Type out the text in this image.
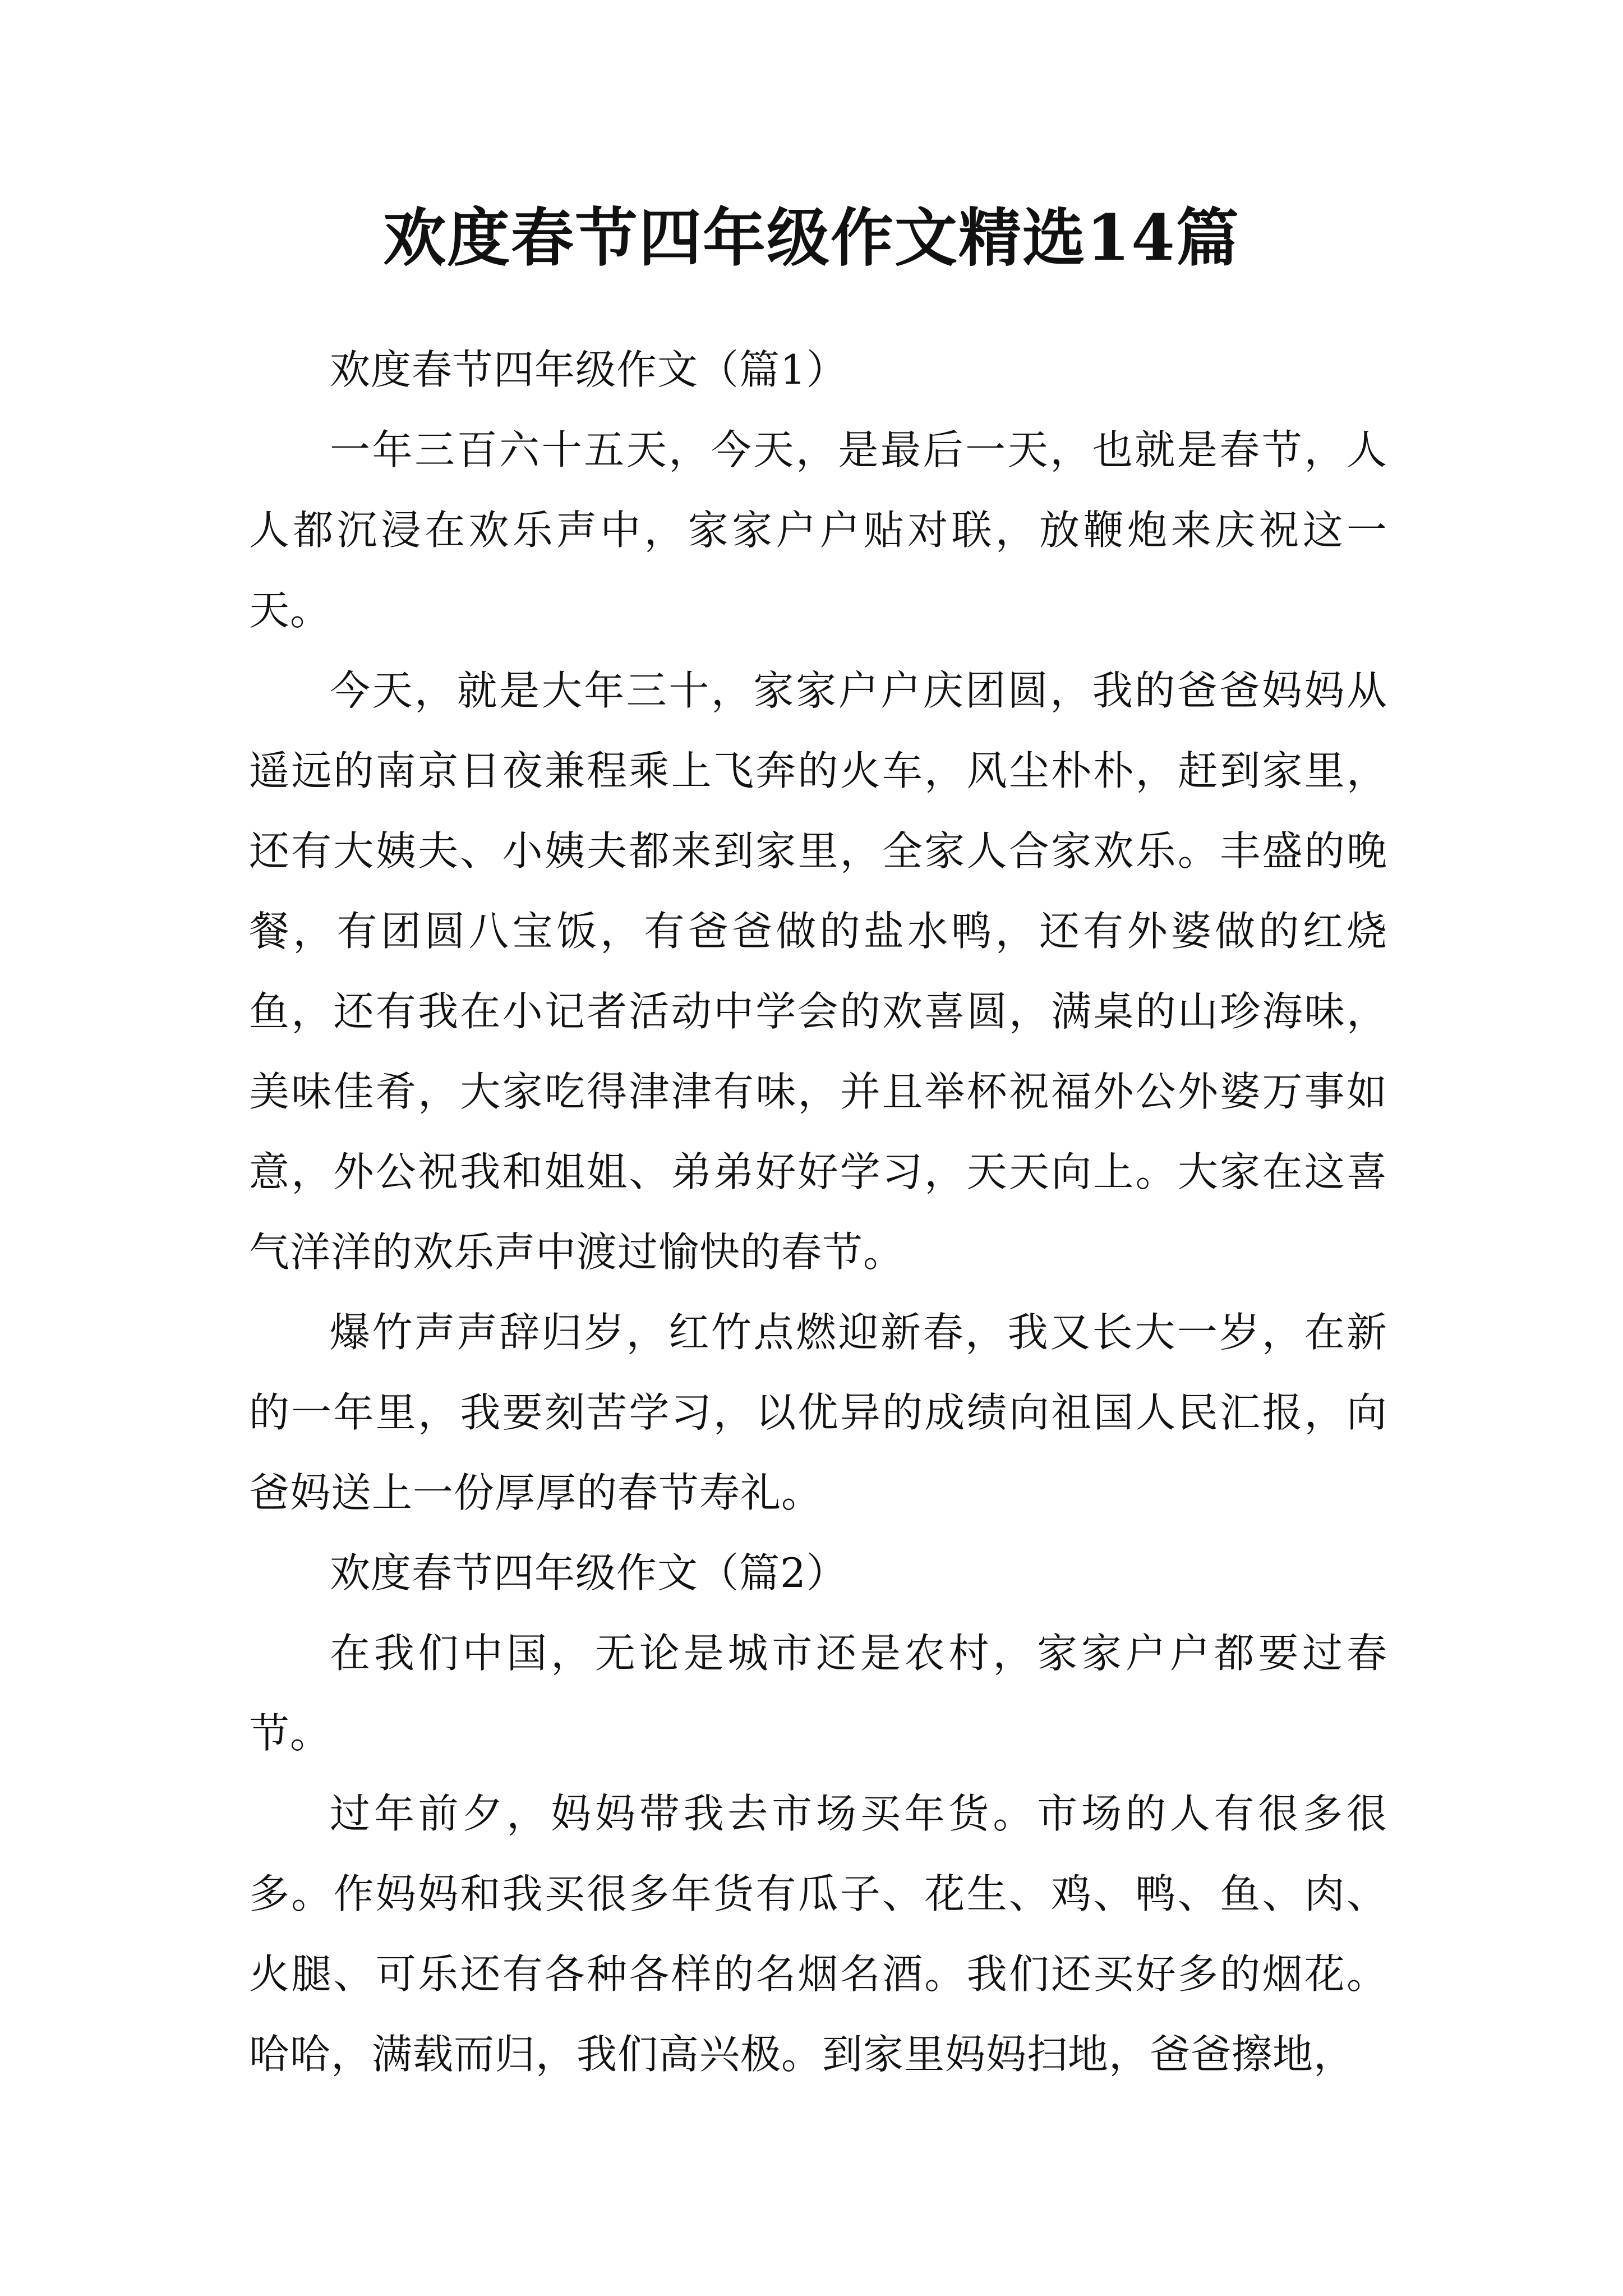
欢度春节四年级作文精选14篇

欢度春节四年级作文（篇1）

一年三百六十五天，今天，是最后一天，也就是春节，人人都沉浸在欢乐声中，家家户户贴对联，放鞭炮来庆祝这一天。

今天，就是大年三十，家家户户庆团圆，我的爸爸妈妈从遥远的南京日夜兼程乘上飞奔的火车，风尘朴朴，赶到家里，还有大姨夫、小姨夫都来到家里，全家人合家欢乐。丰盛的晚餐，有团圆八宝饭，有爸爸做的盐水鸭，还有外婆做的红烧鱼，还有我在小记者活动中学会的欢喜圆，满桌的山珍海味，美味佳肴，大家吃得津津有味，并且举杯祝福外公外婆万事如意，外公祝我和姐姐、弟弟好好学习，天天向上。大家在这喜气洋洋的欢乐声中渡过愉快的春节。

爆竹声声辞归岁，红竹点燃迎新春，我又长大一岁，在新的一年里，我要刻苦学习，以优异的成绩向祖国人民汇报，向爸妈送上一份厚厚的春节寿礼。

欢度春节四年级作文（篇2）

在我们中国，无论是城市还是农村，家家户户都要过春节。

过年前夕，妈妈带我去市场买年货。市场的人有很多很多。作妈妈和我买很多年货有瓜子、花生、鸡、鸭、鱼、肉、火腿、可乐还有各种各样的名烟名酒。我们还买好多的烟花。哈哈，满载而归，我们高兴极。到家里妈妈扫地，爸爸擦地，
